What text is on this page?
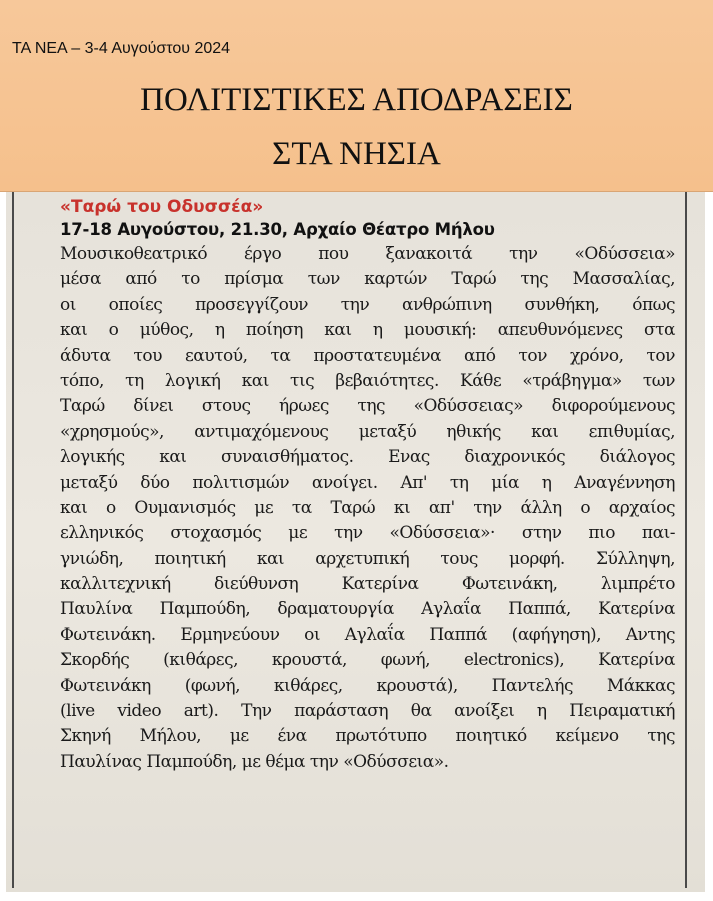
ΤΑ ΝΕΑ – 3-4 Αυγούστου 2024
ΠΟΛΙΤΙΣΤΙΚΕΣ ΑΠΟΔΡΑΣΕΙΣ
ΣΤΑ ΝΗΣΙΑ
«Ταρώ του Οδυσσέα»
17-18 Αυγούστου, 21.30, Αρχαίο Θέατρο Μήλου
Μουσικοθεατρικό έργο που ξανακοιτά την «Οδύσσεια»
μέσα από το πρίσμα των καρτών Ταρώ της Μασσαλίας,
οι οποίες προσεγγίζουν την ανθρώπινη συνθήκη, όπως
και ο μύθος, η ποίηση και η μουσική: απευθυνόμενες στα
άδυτα του εαυτού, τα προστατευμένα από τον χρόνο, τον
τόπο, τη λογική και τις βεβαιότητες. Κάθε «τράβηγμα» των
Ταρώ δίνει στους ήρωες της «Οδύσσειας» διφορούμενους
«χρησμούς», αντιμαχόμενους μεταξύ ηθικής και επιθυμίας,
λογικής και συναισθήματος. Ενας διαχρονικός διάλογος
μεταξύ δύο πολιτισμών ανοίγει. Απ' τη μία η Αναγέννηση
και ο Ουμανισμός με τα Ταρώ κι απ' την άλλη ο αρχαίος
ελληνικός στοχασμός με την «Οδύσσεια»· στην πιο παι-
γνιώδη, ποιητική και αρχετυπική τους μορφή. Σύλληψη,
καλλιτεχνική διεύθυνση Κατερίνα Φωτεινάκη, λιμπρέτο
Παυλίνα Παμπούδη, δραματουργία Αγλαΐα Παππά, Κατερίνα
Φωτεινάκη. Ερμηνεύουν οι Αγλαΐα Παππά (αφήγηση), Αντης
Σκορδής (κιθάρες, κρουστά, φωνή, electronics), Κατερίνα
Φωτεινάκη (φωνή, κιθάρες, κρουστά), Παντελής Μάκκας
(live video art). Την παράσταση θα ανοίξει η Πειραματική
Σκηνή Μήλου, με ένα πρωτότυπο ποιητικό κείμενο της
Παυλίνας Παμπούδη, με θέμα την «Οδύσσεια».
